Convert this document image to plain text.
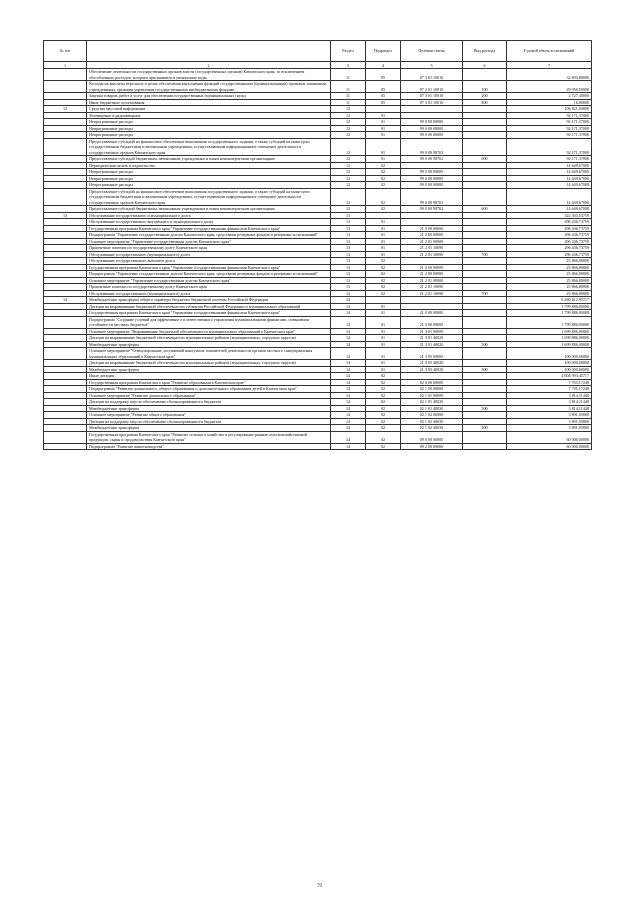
№ п/п		Раздел	Подраздел	Целевая статья	Вид расхода	Годовой объем ассигнований
1	2	3	4	5	6	7
	Обеспечение деятельности государственных органов власти (государственных органов) Камчатского края, за исключением обособленных расходов, которым присваиваются уникальные коды.	11	05	07 3 01 10010		32 693,80000
	Расходы на выплаты персоналу в целях обеспечения выполнения функций государственными (муниципальными) органами, казенными учреждениями, органами управления государственными внебюджетными фондами	11	05	07 3 01 10010	100	29 950,50000
	Закупка товаров, работ и услуг для обеспечения государственных (муниципальных) нужд	11	05	07 3 01 10010	200	2 727,30000
	Иные бюджетные ассигнования	11	05	07 3 01 10010	800	16,00000
12	Средства массовой информации	12				106 821,04000
	Телевидение и радиовещание	12	01			92 171,37000
	Непрограммные расходы	12	01	99 0 00 00000		92 171,37000
	Непрограммные расходы	12	01	99 0 00 00000		92 171,37000
	Непрограммные расходы	12	01	99 0 00 00000		92 171,37000
	Предоставление субсидий на финансовое обеспечение выполнения государственного задания, а также субсидий на иные цели государственным бюджетным и автономным учреждениям, осуществляющим информационное освещение деятельности государственных органов Камчатского края	12	01	99 0 00 98702		92 171,37000
	Предоставление субсидий бюджетным, автономным учреждениям и иным некоммерческим организациям	12	01	99 0 00 98702	600	92 171,37000
	Периодическая печать и издательства	12	02			14 649,67000
	Непрограммные расходы	12	02	99 0 00 00000		14 649,67000
	Непрограммные расходы	12	02	99 0 00 00000		14 649,67000
	Непрограммные расходы	12	02	99 0 00 00000		14 649,67000
	Предоставление субсидий на финансовое обеспечение выполнения государственного задания, а также субсидий на иные цели государственным бюджетным и автономным учреждениям, осуществляющим информационное освещение деятельности государственных органов Камчатского края	12	02	99 0 00 98702		14 649,67000
	Предоставление субсидий бюджетным, автономным учреждениям и иным некоммерческим организациям	12	02	99 0 00 98702	600	14 649,67000
13	Обслуживание государственного и муниципального долга	13				322 303,53759
	Обслуживание государственного внутреннего и муниципального долга	13	01			296 436,73759
	Государственная программа Камчатского края "Управление государственными финансами Камчатского края"	13	01	21 0 00 00000		296 436,73759
	Подпрограмма "Управление государственным долгом Камчатского края, средствами резервных фондов и резервами ассигнований"	13	01	21 2 00 00000		296 436,73759
	Основное мероприятие "Управление государственным долгом Камчатского края"	13	01	21 2 01 00000		296 436,73759
	Процентные платежи по государственному долгу Камчатского края	13	01	21 2 01 10090		296 436,73759
	Обслуживание государственного (муниципального) долга	13	01	21 2 01 10090	700	296 436,73759
	Обслуживание государственного внешнего долга	13	02			25 866,80000
	Государственная программа Камчатского края "Управление государственными финансами Камчатского края"	13	02	21 0 00 00000		25 866,80000
	Подпрограмма "Управление государственным долгом Камчатского края, средствами резервных фондов и резервами ассигнований"	13	02	21 2 00 00000		25 866,80000
	Основное мероприятие "Управление государственным долгом Камчатского края"	13	02	21 2 01 00000		25 866,80000
	Процентные платежи по государственному долгу Камчатского края	13	02	21 2 01 10090		25 866,80000
	Обслуживание государственного (муниципального) долга	13	02	21 2 01 10090	700	25 866,80000
14	Межбюджетные трансферты общего характера бюджетам бюджетной системы Российской Федерации	14				6 260 612,95717
	Дотации на выравнивание бюджетной обеспеченности субъектов Российской Федерации и муниципальных образований	14	01			1 799 886,00000
	Государственная программа Камчатского края "Управление государственными финансами Камчатского края"	14	01	21 0 00 00000		1 799 886,00000
	Подпрограмма "Создание условий для эффективного и ответственного управления муниципальными финансами, повышения устойчивости местных бюджетов"	14	01	21 3 00 00000		1 799 886,00000
	Основное мероприятие "Выравнивание бюджетной обеспеченности муниципальных образований в Камчатском крае"	14	01	21 3 01 00000		1 699 886,00000
	Дотации на выравнивание бюджетной обеспеченности муниципальных районов (муниципальных, городских округов)	14	01	21 3 01 40020		1 699 886,00000
	Межбюджетные трансферты	14	01	21 3 01 40020	500	1 699 886,00000
	Основное мероприятие "Стимулирование достижений наилучших показателей деятельности органов местного самоуправления муниципальных образований в Камчатском крае"	14	01	21 3 05 00000		100 000,00000
	Дотации на выравнивание бюджетной обеспеченности муниципальных районов (муниципальных, городских округов)	14	01	21 3 05 40020		100 000,00000
	Межбюджетные трансферты	14	01	21 3 05 40020	500	100 000,00000
	Иные дотации	14	02			2 004 993,45717
	Государственная программа Камчатского края "Развитие образования в Камчатском крае"	14	02	02 0 00 00000		7 705,17248
	Подпрограмма "Развитие дошкольного, общего образования и дополнительного образования детей в Камчатском крае"	14	02	02 1 00 00000		7 705,17248
	Основное мероприятие "Развитие дошкольного образования"	14	02	02 1 01 00000		3 814,11448
	Дотации на поддержку мер по обеспечению сбалансированности бюджетов	14	02	02 1 01 40030		3 814,11448
	Межбюджетные трансферты	14	02	02 1 01 40030	500	3 814,11448
	Основное мероприятие "Развитие общего образования"	14	02	02 1 02 00000		3 891,05800
	Дотации на поддержку мер по обеспечению сбалансированности бюджетов	14	02	02 1 02 40030		3 891,05800
	Межбюджетные трансферты	14	02	02 1 02 40030	500	3 891,05800
	Государственная программа Камчатского края "Развитие сельского хозяйства и регулирование рынков сельскохозяйственной продукции, сырья и продовольствия Камчатского края"	14	02	09 0 00 00000		60 000,00000
	Подпрограмма "Развитие животноводства"	14	02	09 2 00 00000		60 000,00000
79
